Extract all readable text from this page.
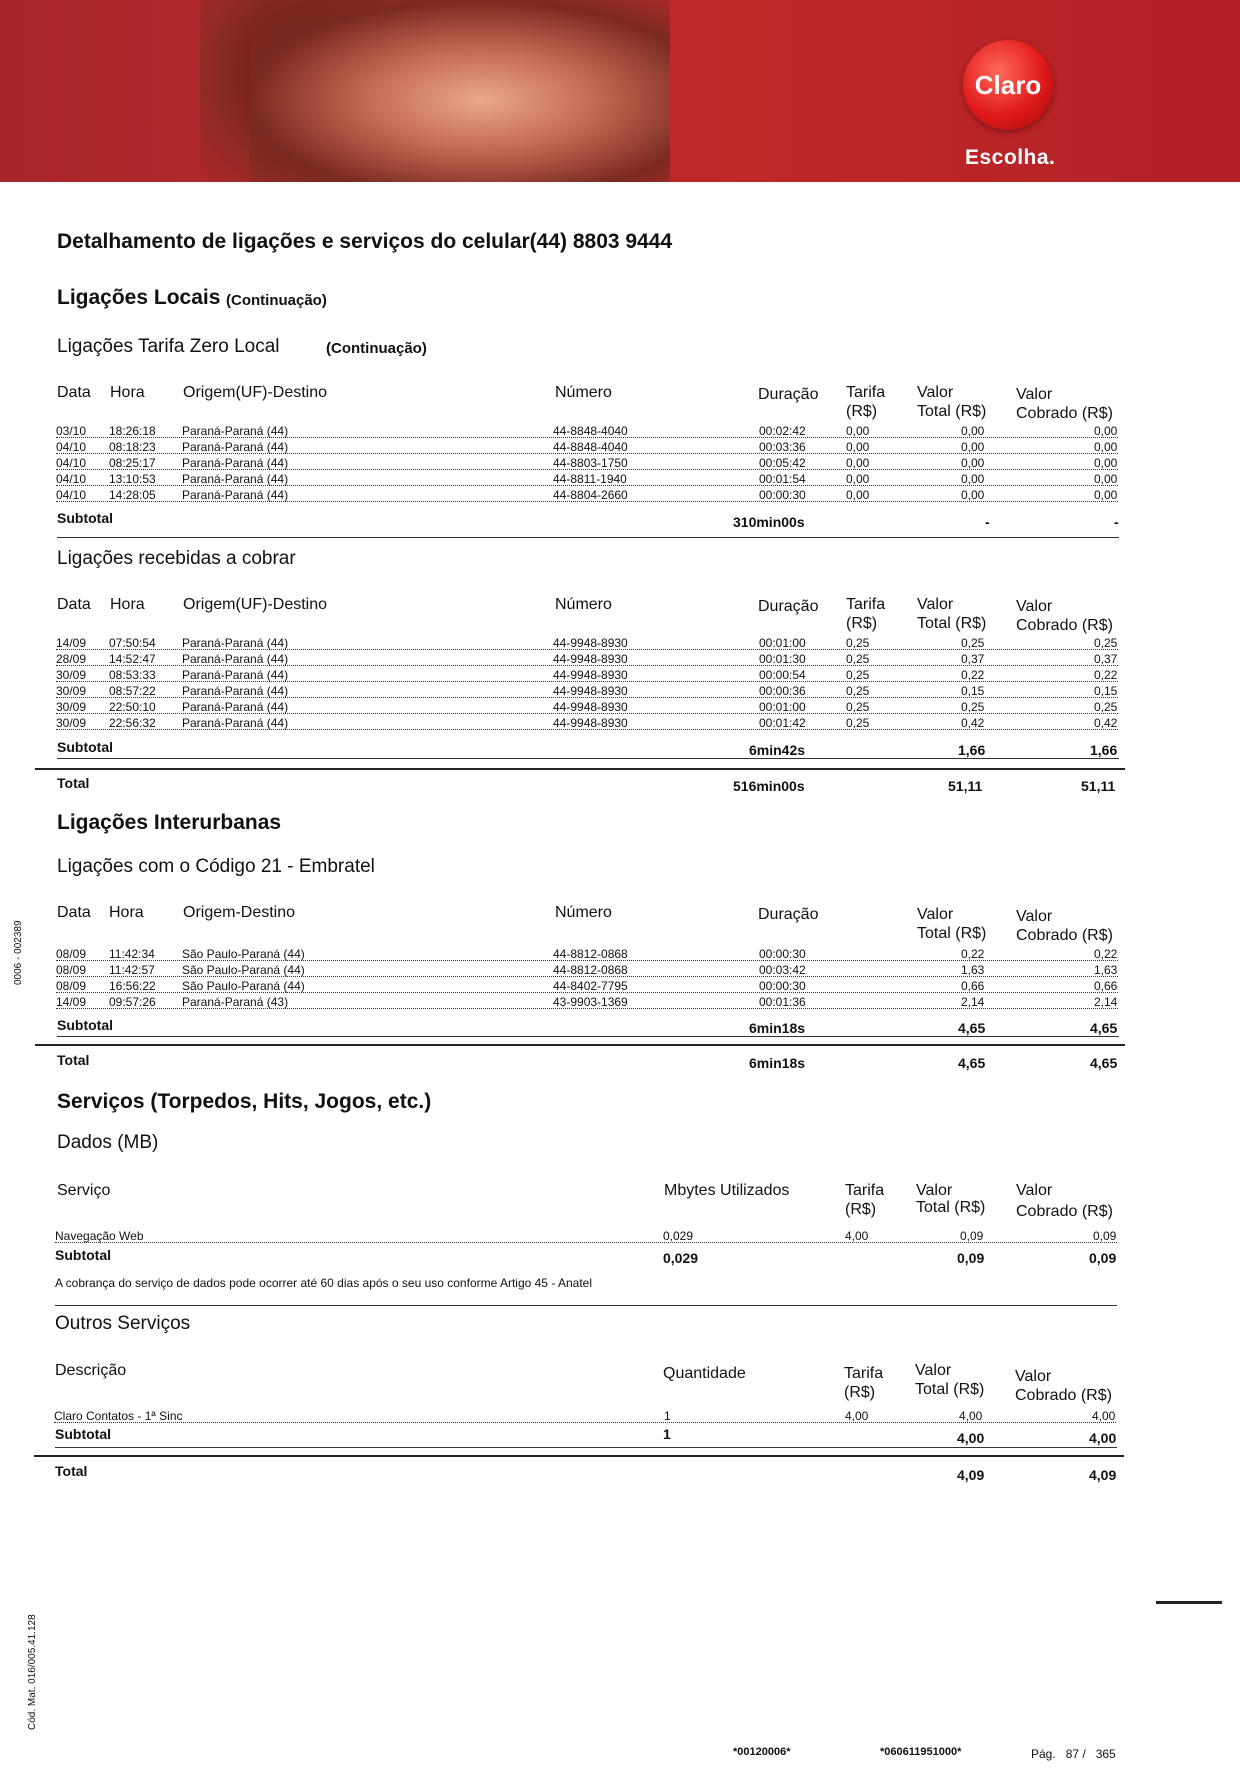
Claro
Escolha.
Detalhamento de ligações e serviços do celular(44) 8803 9444
Ligações Locais (Continuação)
Ligações Tarifa Zero Local	(Continuação)
Data Hora Origem(UF)-Destino	Número	Duração Tarifa
(R$)
Valor
Total (R$)
Valor
Cobrado (R$)
03/10 18:26:18 Paraná-Paraná (44)	44-8848-4040	00:02:42	0,00	0,00	0,00
04/10 08:18:23 Paraná-Paraná (44)	44-8848-4040	00:03:36	0,00	0,00	0,00
04/10 08:25:17 Paraná-Paraná (44)	44-8803-1750	00:05:42	0,00	0,00	0,00
04/10 13:10:53 Paraná-Paraná (44)	44-8811-1940	00:01:54	0,00	0,00	0,00
04/10 14:28:05 Paraná-Paraná (44)	44-8804-2660	00:00:30	0,00	0,00	0,00
Subtotal	310min00s	-	-
Ligações recebidas a cobrar
Data Hora Origem(UF)-Destino	Número	Duração Tarifa
(R$)
Valor
Total (R$)
Valor
Cobrado (R$)
14/09 07:50:54 Paraná-Paraná (44)	44-9948-8930	00:01:00	0,25	0,25	0,25
28/09 14:52:47 Paraná-Paraná (44)	44-9948-8930	00:01:30	0,25	0,37	0,37
30/09 08:53:33 Paraná-Paraná (44)	44-9948-8930	00:00:54	0,25	0,22	0,22
30/09 08:57:22 Paraná-Paraná (44)	44-9948-8930	00:00:36	0,25	0,15	0,15
30/09 22:50:10 Paraná-Paraná (44)	44-9948-8930	00:01:00	0,25	0,25	0,25
30/09 22:56:32 Paraná-Paraná (44)	44-9948-8930	00:01:42	0,25	0,42	0,42
Subtotal	6min42s	1,66	1,66
Total	516min00s	51,11	51,11
Ligações Interurbanas
Ligações com o Código 21 - Embratel
Data Hora Origem-Destino	Número	Duração	Valor
Total (R$)
Valor
Cobrado (R$)
08/09 11:42:34 São Paulo-Paraná (44)	44-8812-0868	00:00:30	0,22	0,22
08/09 11:42:57 São Paulo-Paraná (44)	44-8812-0868	00:03:42	1,63	1,63
08/09 16:56:22 São Paulo-Paraná (44)	44-8402-7795	00:00:30	0,66	0,66
14/09 09:57:26 Paraná-Paraná (43)	43-9903-1369	00:01:36	2,14	2,14
Subtotal	6min18s	4,65	4,65
Total	6min18s	4,65	4,65
Serviços (Torpedos, Hits, Jogos, etc.)
Dados (MB)
Serviço	Mbytes Utilizados	Tarifa
(R$)
Valor
Total (R$)
Valor
Cobrado (R$)
Navegação Web	0,029	4,00	0,09	0,09
Subtotal	0,029	0,09	0,09
A cobrança do serviço de dados pode ocorrer até 60 dias após o seu uso conforme Artigo 45 - Anatel
Outros Serviços
Descrição	Quantidade	Tarifa
(R$)
Valor
Total (R$)
Valor
Cobrado (R$)
Claro Contatos - 1ª Sinc	1	4,00	4,00	4,00
Subtotal	1	4,00	4,00
Total	4,09	4,09
0006 - 002389
Cód. Mat. 016/005.41.128
*00120006*	*060611951000*	Pág.   87 /   365
